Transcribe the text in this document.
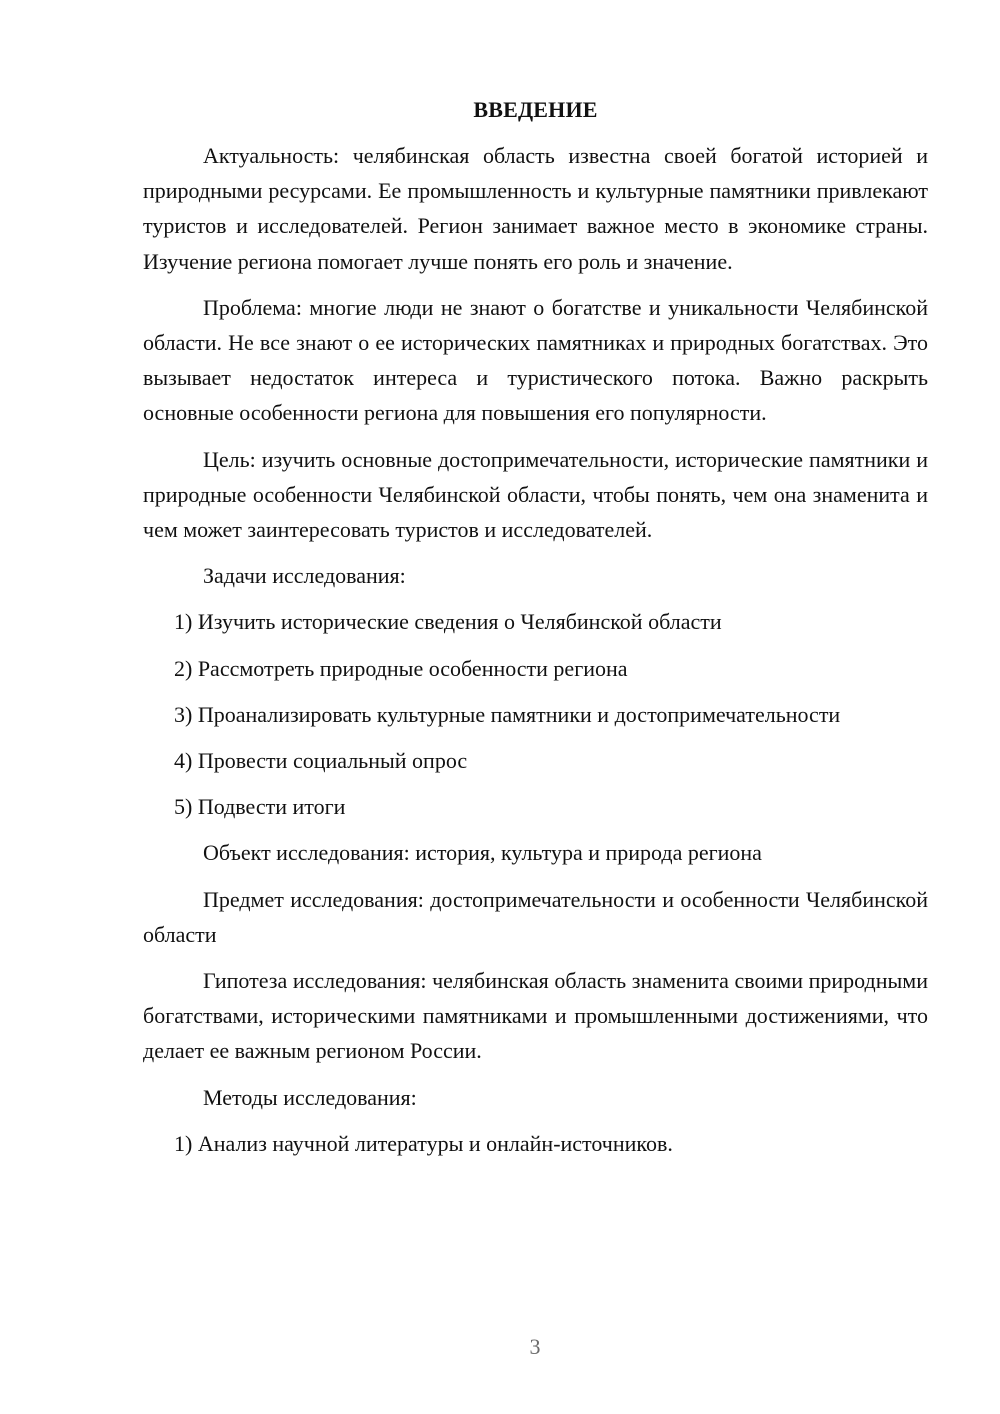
ВВЕДЕНИЕ

Актуальность: челябинская область известна своей богатой историей и природными ресурсами. Ее промышленность и культурные памятники привлекают туристов и исследователей. Регион занимает важное место в экономике страны. Изучение региона помогает лучше понять его роль и значение.

Проблема: многие люди не знают о богатстве и уникальности Челябинской области. Не все знают о ее исторических памятниках и природных богатствах. Это вызывает недостаток интереса и туристического потока. Важно раскрыть основные особенности региона для повышения его популярности.

Цель: изучить основные достопримечательности, исторические памятники и природные особенности Челябинской области, чтобы понять, чем она знаменита и чем может заинтересовать туристов и исследователей.

Задачи исследования:

1) Изучить исторические сведения о Челябинской области

2) Рассмотреть природные особенности региона

3) Проанализировать культурные памятники и достопримечательности

4) Провести социальный опрос

5) Подвести итоги

Объект исследования: история, культура и природа региона

Предмет исследования: достопримечательности и особенности Челябинской области

Гипотеза исследования: челябинская область знаменита своими природными богатствами, историческими памятниками и промышленными достижениями, что делает ее важным регионом России.

Методы исследования:

1) Анализ научной литературы и онлайн-источников.

3
